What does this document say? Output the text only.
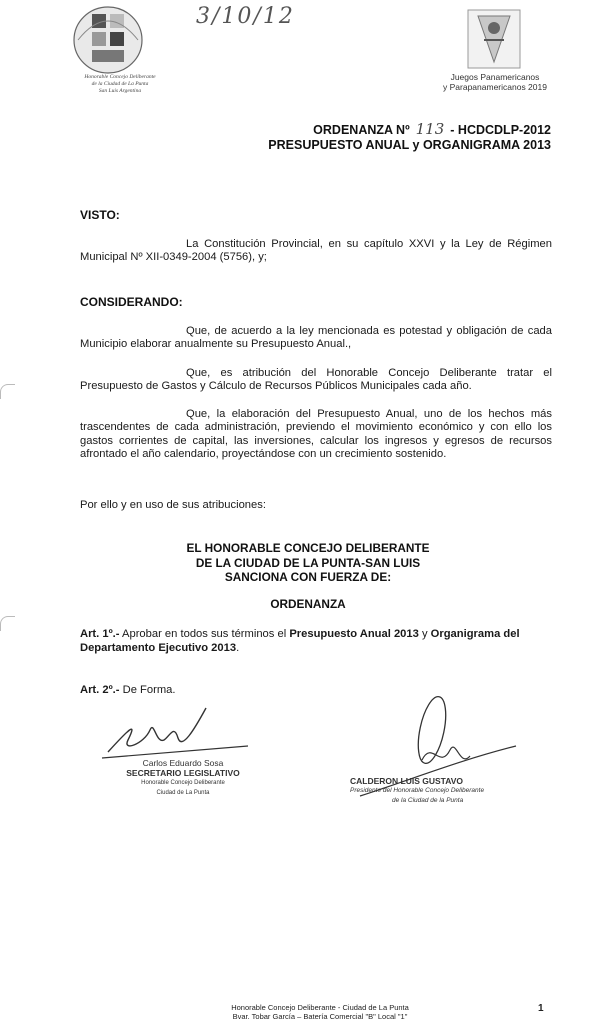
Honorable Concejo Deliberante
de la Ciudad de La Punta
San Luis Argentina
3/10/12
Juegos Panamericanos
y Parapanamericanos 2019
ORDENANZA Nº 113 - HCDCDLP-2012
PRESUPUESTO ANUAL y ORGANIGRAMA 2013
VISTO:
La Constitución Provincial, en su capítulo XXVI y la Ley de Régimen Municipal Nº XII-0349-2004 (5756), y;
CONSIDERANDO:
Que, de acuerdo a la ley mencionada es potestad y obligación de cada Municipio elaborar anualmente su Presupuesto Anual.,
Que, es atribución del Honorable Concejo Deliberante tratar el Presupuesto de Gastos y Cálculo de Recursos Públicos Municipales cada año.
Que, la elaboración del Presupuesto Anual, uno de los hechos más trascendentes de cada administración, previendo el movimiento económico y con ello los gastos corrientes de capital, las inversiones, calcular los ingresos y egresos de recursos afrontado el año calendario, proyectándose con un crecimiento sostenido.
Por ello y en uso de sus atribuciones:
EL HONORABLE CONCEJO DELIBERANTE
DE LA CIUDAD DE LA PUNTA-SAN LUIS
SANCIONA CON FUERZA DE:
ORDENANZA
Art. 1º.- Aprobar en todos sus términos el Presupuesto Anual 2013 y Organigrama del Departamento Ejecutivo 2013.
Art. 2º.- De Forma.
Carlos Eduardo Sosa
SECRETARIO LEGISLATIVO
Honorable Concejo Deliberante
Ciudad de La Punta
CALDERON LUIS GUSTAVO
Presidente del Honorable Concejo Deliberante
de la Ciudad de la Punta
Honorable Concejo Deliberante - Ciudad de La Punta
Bvar. Tobar García – Batería Comercial "B" Local "1"
1
